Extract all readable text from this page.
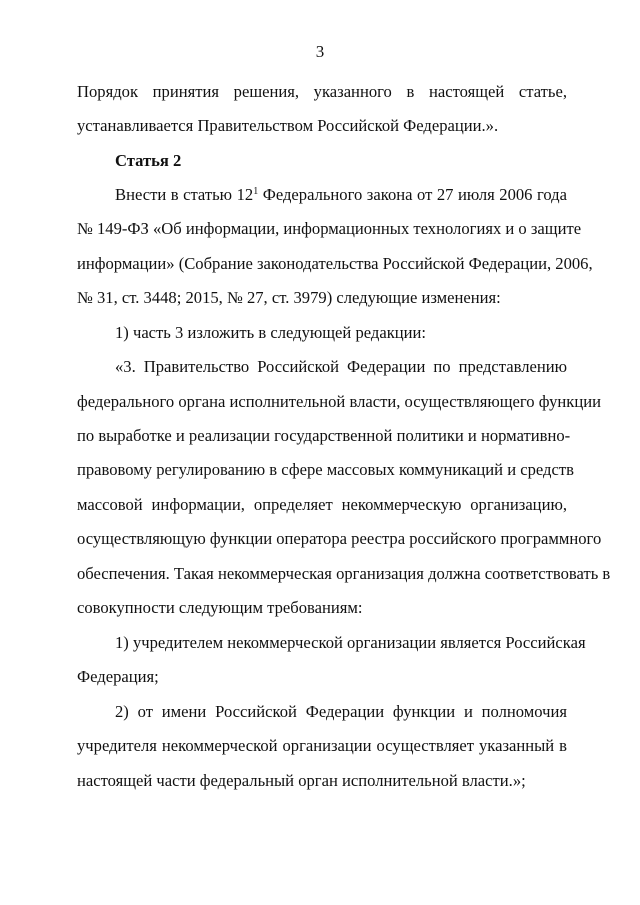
3
Порядок принятия решения, указанного в настоящей статье,
устанавливается Правительством Российской Федерации.».
Статья 2
Внести в статью $12^1$ Федерального закона от 27 июля 2006 года
№ 149-ФЗ «Об информации, информационных технологиях и о защите
информации» (Собрание законодательства Российской Федерации, 2006,
№ 31, ст. 3448; 2015, № 27, ст. 3979) следующие изменения:
1) часть 3 изложить в следующей редакции:
«3. Правительство Российской Федерации по представлению
федерального органа исполнительной власти, осуществляющего функции
по выработке и реализации государственной политики и нормативно-
правовому регулированию в сфере массовых коммуникаций и средств
массовой информации, определяет некоммерческую организацию,
осуществляющую функции оператора реестра российского программного
обеспечения. Такая некоммерческая организация должна соответствовать в
совокупности следующим требованиям:
1) учредителем некоммерческой организации является Российская
Федерация;
2) от имени Российской Федерации функции и полномочия
учредителя некоммерческой организации осуществляет указанный в
настоящей части федеральный орган исполнительной власти.»;
